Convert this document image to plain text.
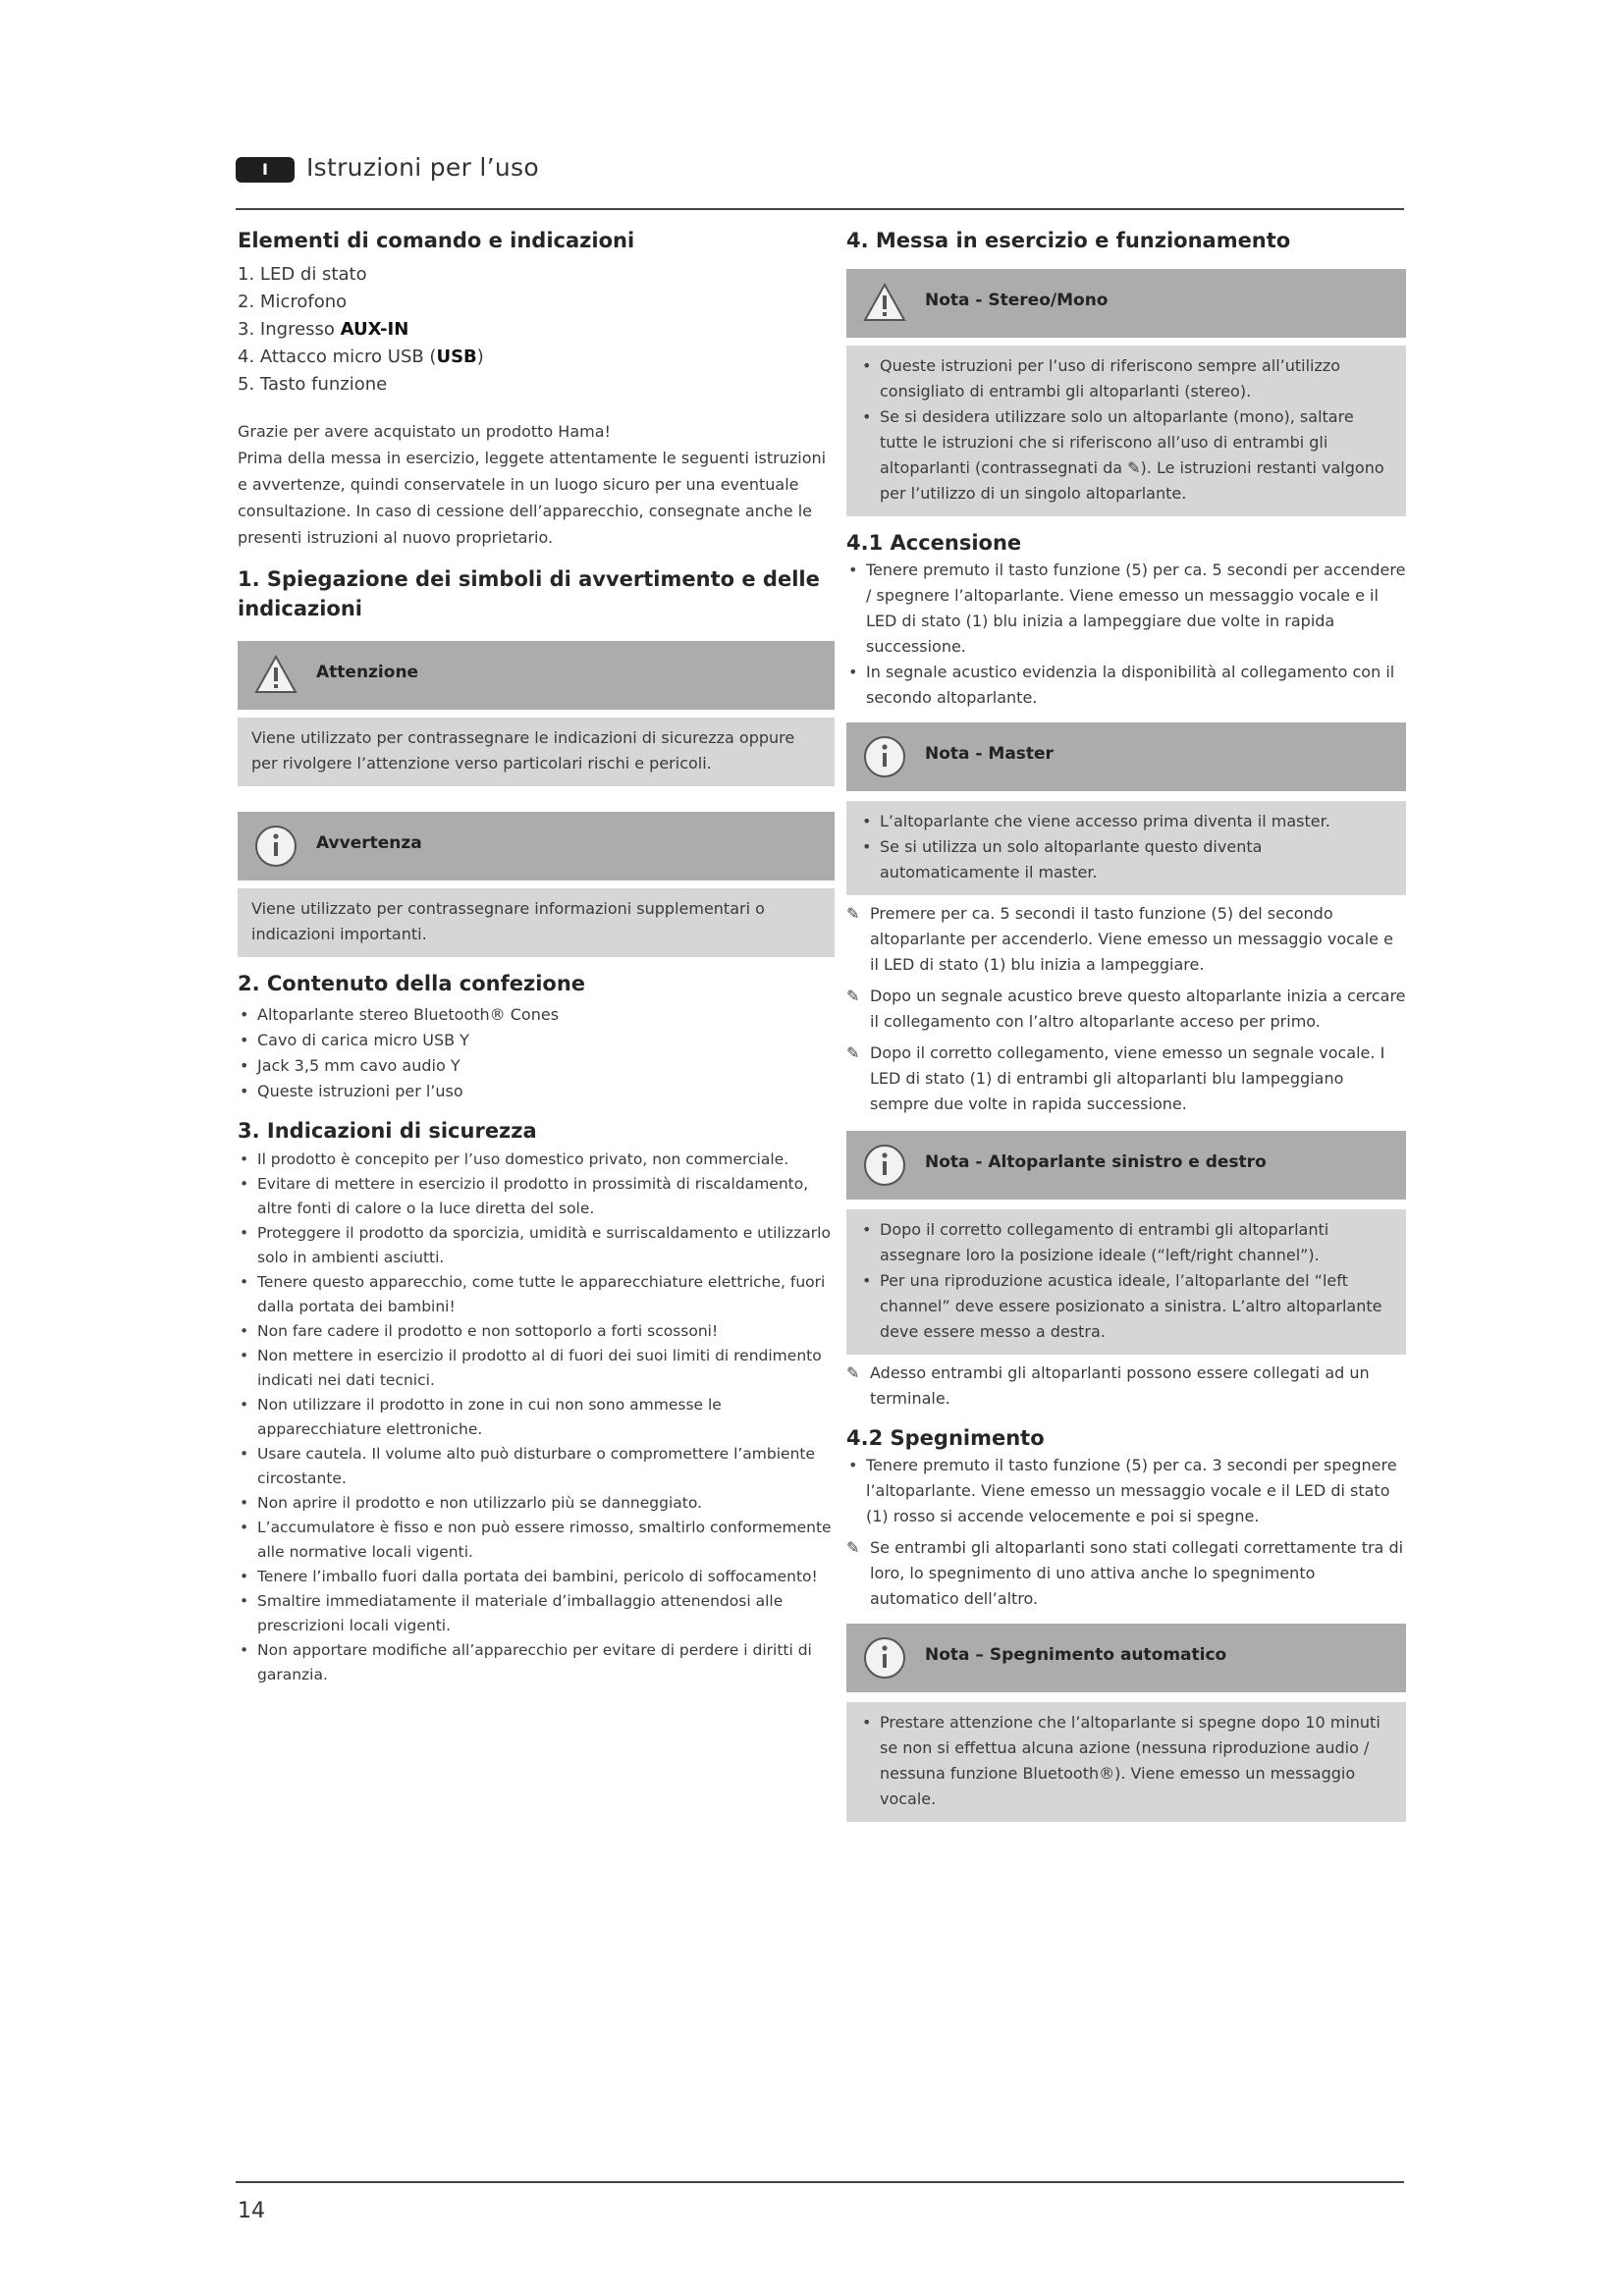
I	Istruzioni per l’uso
Elementi di comando e indicazioni
1. LED di stato
2. Microfono
3. Ingresso AUX-IN
4. Attacco micro USB (USB)
5. Tasto funzione

Grazie per avere acquistato un prodotto Hama!

Prima della messa in esercizio, leggete attentamente le seguenti istruzioni e avvertenze, quindi conservatele in un luogo sicuro per una eventuale consultazione. In caso di cessione dell’apparecchio, consegnate anche le presenti istruzioni al nuovo proprietario.

1. Spiegazione dei simboli di avvertimento e delle indicazioni
Attenzione
Viene utilizzato per contrassegnare le indicazioni di sicurezza oppure per rivolgere l’attenzione verso particolari rischi e pericoli.
Avvertenza
Viene utilizzato per contrassegnare informazioni supplementari o indicazioni importanti.
2. Contenuto della confezione
• Altoparlante stereo Bluetooth® Cones
• Cavo di carica micro USB Y
• Jack 3,5 mm cavo audio Y
• Queste istruzioni per l’uso
3. Indicazioni di sicurezza
• Il prodotto è concepito per l’uso domestico privato, non commerciale.
• Evitare di mettere in esercizio il prodotto in prossimità di riscaldamento, altre fonti di calore o la luce diretta del sole.
• Proteggere il prodotto da sporcizia, umidità e surriscaldamento e utilizzarlo solo in ambienti asciutti.
• Tenere questo apparecchio, come tutte le apparecchiature elettriche, fuori dalla portata dei bambini!
• Non fare cadere il prodotto e non sottoporlo a forti scossoni!
• Non mettere in esercizio il prodotto al di fuori dei suoi limiti di rendimento indicati nei dati tecnici.
• Non utilizzare il prodotto in zone in cui non sono ammesse le apparecchiature elettroniche.
• Usare cautela. Il volume alto può disturbare o compromettere l’ambiente circostante.
• Non aprire il prodotto e non utilizzarlo più se danneggiato.
• L’accumulatore è fisso e non può essere rimosso, smaltirlo conformemente alle normative locali vigenti.
• Tenere l’imballo fuori dalla portata dei bambini, pericolo di soffocamento!
• Smaltire immediatamente il materiale d’imballaggio attenendosi alle prescrizioni locali vigenti.
• Non apportare modifiche all’apparecchio per evitare di perdere i diritti di garanzia.
4. Messa in esercizio e funzionamento
Nota - Stereo/Mono
• Queste istruzioni per l’uso di riferiscono sempre all’utilizzo consigliato di entrambi gli altoparlanti (stereo).
• Se si desidera utilizzare solo un altoparlante (mono), saltare tutte le istruzioni che si riferiscono all’uso di entrambi gli altoparlanti (contrassegnati da ✎). Le istruzioni restanti valgono per l’utilizzo di un singolo altoparlante.
4.1 Accensione
• Tenere premuto il tasto funzione (5) per ca. 5 secondi per accendere / spegnere l’altoparlante. Viene emesso un messaggio vocale e il LED di stato (1) blu inizia a lampeggiare due volte in rapida successione.
• In segnale acustico evidenzia la disponibilità al collegamento con il secondo altoparlante.
Nota - Master
• L’altoparlante che viene accesso prima diventa il master.
• Se si utilizza un solo altoparlante questo diventa automaticamente il master.
✎ Premere per ca. 5 secondi il tasto funzione (5) del secondo altoparlante per accenderlo. Viene emesso un messaggio vocale e il LED di stato (1) blu inizia a lampeggiare.
✎ Dopo un segnale acustico breve questo altoparlante inizia a cercare il collegamento con l’altro altoparlante acceso per primo.
✎ Dopo il corretto collegamento, viene emesso un segnale vocale. I LED di stato (1) di entrambi gli altoparlanti blu lampeggiano sempre due volte in rapida successione.
Nota - Altoparlante sinistro e destro
• Dopo il corretto collegamento di entrambi gli altoparlanti assegnare loro la posizione ideale (“left/right channel”).
• Per una riproduzione acustica ideale, l’altoparlante del “left channel” deve essere posizionato a sinistra. L’altro altoparlante deve essere messo a destra.
✎ Adesso entrambi gli altoparlanti possono essere collegati ad un terminale.
4.2 Spegnimento
• Tenere premuto il tasto funzione (5) per ca. 3 secondi per spegnere l’altoparlante. Viene emesso un messaggio vocale e il LED di stato (1) rosso si accende velocemente e poi si spegne.
✎ Se entrambi gli altoparlanti sono stati collegati correttamente tra di loro, lo spegnimento di uno attiva anche lo spegnimento automatico dell’altro.
Nota – Spegnimento automatico
• Prestare attenzione che l’altoparlante si spegne dopo 10 minuti se non si effettua alcuna azione (nessuna riproduzione audio / nessuna funzione Bluetooth®). Viene emesso un messaggio vocale.
14
